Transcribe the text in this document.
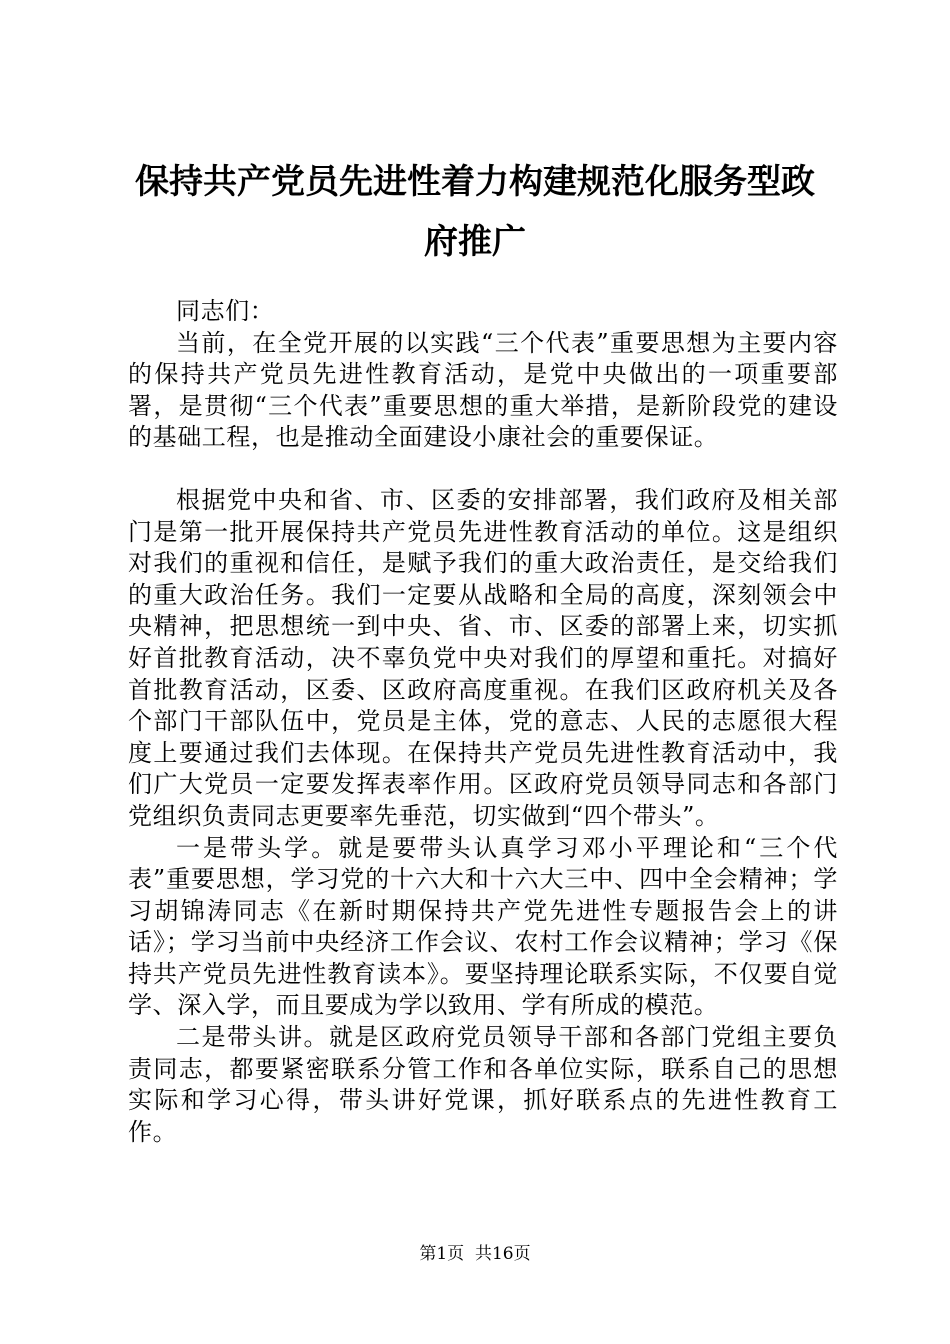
保持共产党员先进性着力构建规范化服务型政
府推广

同志们：

当前，在全党开展的以实践“三个代表”重要思想为主要内容的保持共产党员先进性教育活动，是党中央做出的一项重要部署，是贯彻“三个代表”重要思想的重大举措，是新阶段党的建设的基础工程，也是推动全面建设小康社会的重要保证。

根据党中央和省、市、区委的安排部署，我们政府及相关部门是第一批开展保持共产党员先进性教育活动的单位。这是组织对我们的重视和信任，是赋予我们的重大政治责任，是交给我们的重大政治任务。我们一定要从战略和全局的高度，深刻领会中央精神，把思想统一到中央、省、市、区委的部署上来，切实抓好首批教育活动，决不辜负党中央对我们的厚望和重托。对搞好首批教育活动，区委、区政府高度重视。在我们区政府机关及各个部门干部队伍中，党员是主体，党的意志、人民的志愿很大程度上要通过我们去体现。在保持共产党员先进性教育活动中，我们广大党员一定要发挥表率作用。区政府党员领导同志和各部门党组织负责同志更要率先垂范，切实做到“四个带头”。

一是带头学。就是要带头认真学习邓小平理论和“三个代表”重要思想，学习党的十六大和十六大三中、四中全会精神；学习胡锦涛同志《在新时期保持共产党先进性专题报告会上的讲话》；学习当前中央经济工作会议、农村工作会议精神；学习《保持共产党员先进性教育读本》。要坚持理论联系实际，不仅要自觉学、深入学，而且要成为学以致用、学有所成的模范。

二是带头讲。就是区政府党员领导干部和各部门党组主要负责同志，都要紧密联系分管工作和各单位实际，联系自己的思想实际和学习心得，带头讲好党课，抓好联系点的先进性教育工作。

第1页  共16页
